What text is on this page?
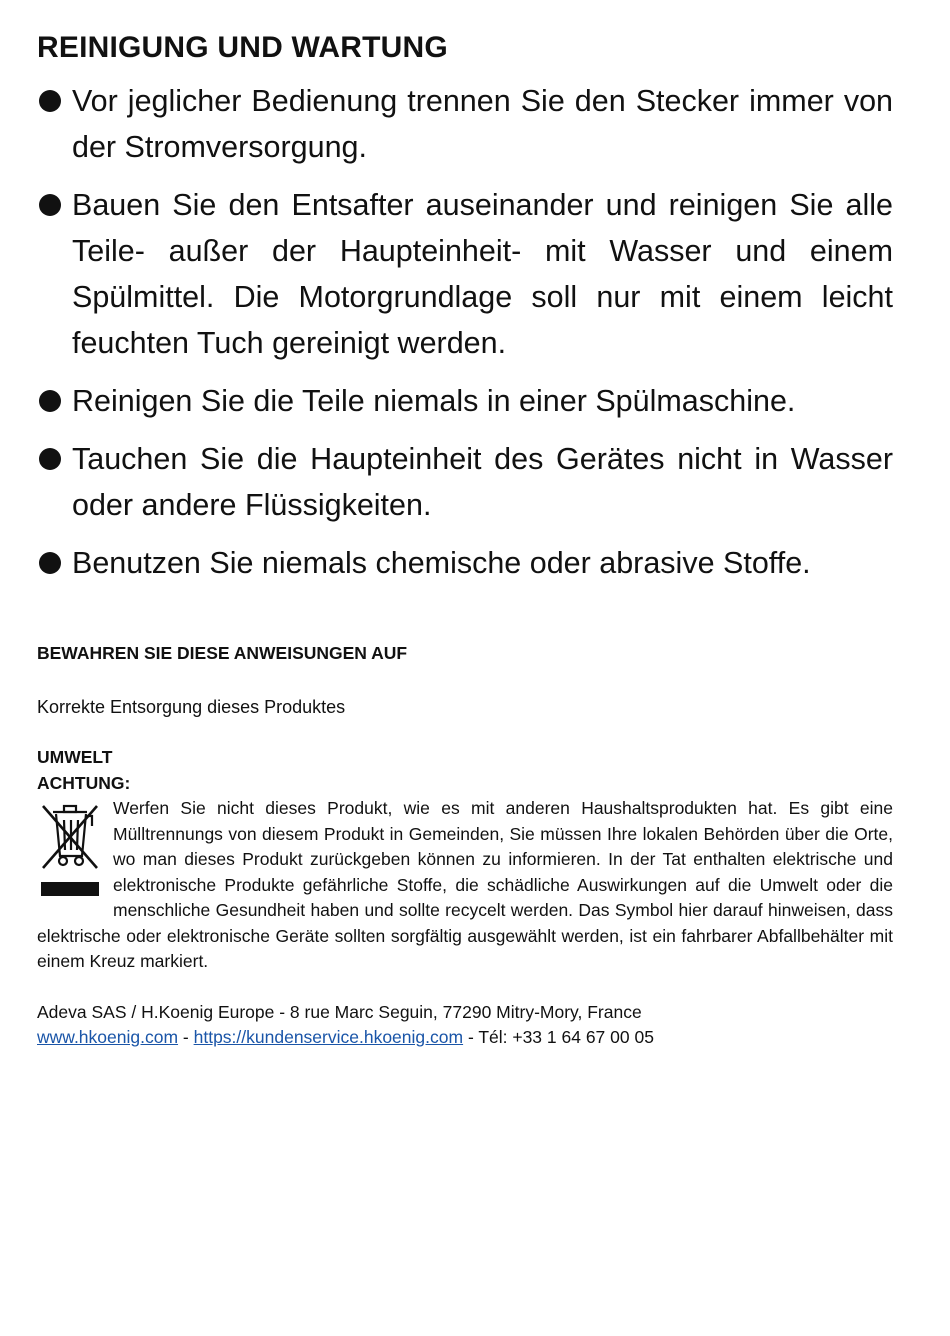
REINIGUNG UND WARTUNG
Vor jeglicher Bedienung trennen Sie den Stecker immer von der Stromversorgung.
Bauen Sie den Entsafter auseinander und reinigen Sie alle Teile- außer der Haupteinheit- mit Wasser und einem Spülmittel. Die Motorgrundlage soll nur mit einem leicht feuchten Tuch gereinigt werden.
Reinigen Sie die Teile niemals in einer Spülmaschine.
Tauchen Sie die Haupteinheit des Gerätes nicht in Wasser oder andere Flüssigkeiten.
Benutzen Sie niemals chemische oder abrasive Stoffe.
BEWAHREN SIE DIESE ANWEISUNGEN AUF
Korrekte Entsorgung dieses Produktes
UMWELT
ACHTUNG:
Werfen Sie nicht dieses Produkt, wie es mit anderen Haushaltsprodukten hat. Es gibt eine Mülltrennungs von diesem Produkt in Gemeinden, Sie müssen Ihre lokalen Behörden über die Orte, wo man dieses Produkt zurückgeben können zu informieren. In der Tat enthalten elektrische und elektronische Produkte gefährliche Stoffe, die schädliche Auswirkungen auf die Umwelt oder die menschliche Gesundheit haben und sollte recycelt werden. Das Symbol hier darauf hinweisen, dass elektrische oder elektronische Geräte sollten sorgfältig ausgewählt werden, ist ein fahrbarer Abfallbehälter mit einem Kreuz markiert.
Adeva SAS / H.Koenig Europe - 8 rue Marc Seguin, 77290 Mitry-Mory, France
www.hkoenig.com - https://kundenservice.hkoenig.com - Tél: +33 1 64 67 00 05
